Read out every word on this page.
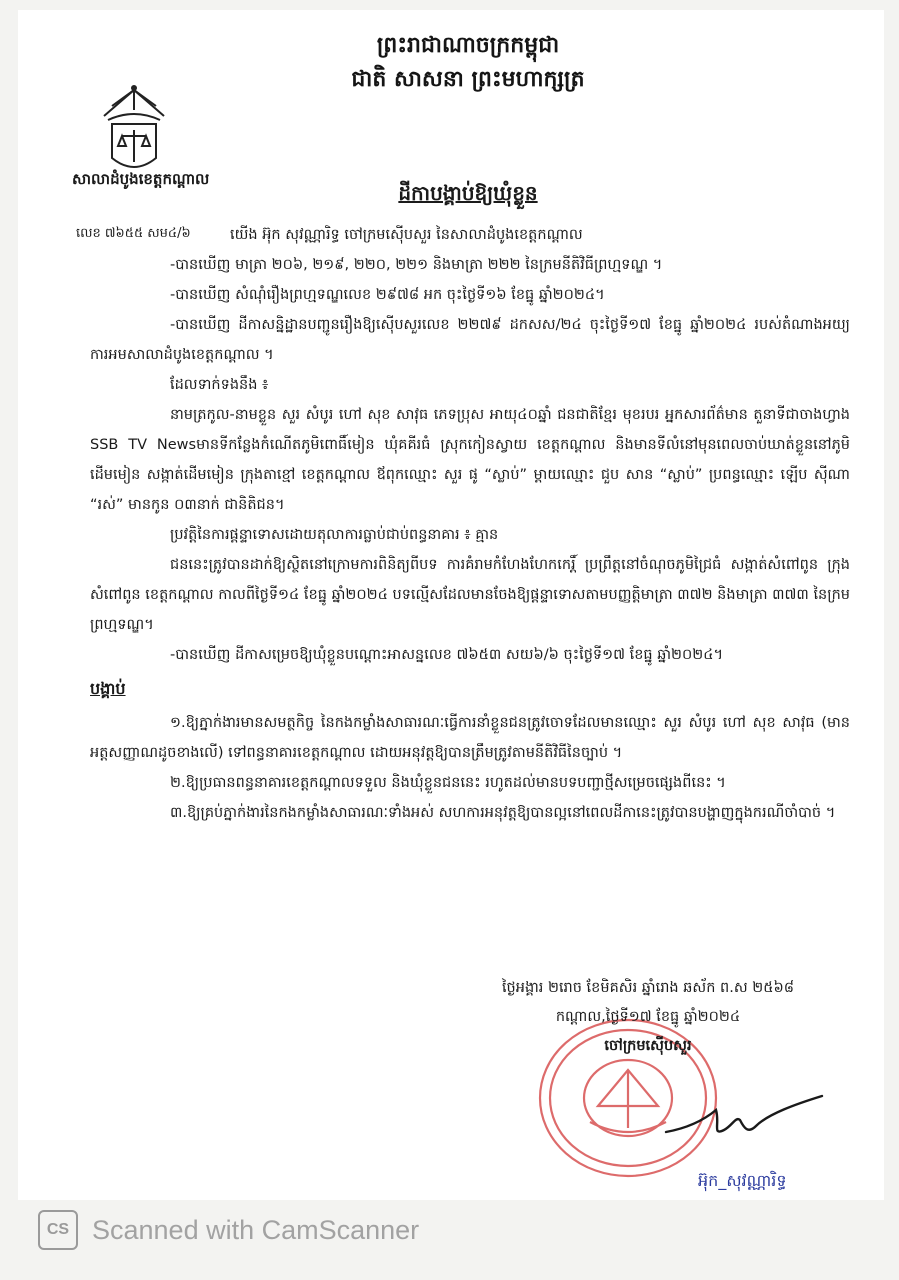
ព្រះរាជាណាចក្រកម្ពុជា
ជាតិ សាសនា ព្រះមហាក្សត្រ
សាលាដំបូងខេត្តកណ្ដាល
ដីកាបង្គាប់ឱ្យឃុំខ្លួន
លេខ ៧៦៥៥ សម៤/៦	យើង អ៊ុក សុវណ្ណារិទ្ធ ចៅក្រមស៊ើបសួរ នៃសាលាដំបូងខេត្តកណ្ដាល

-បានឃើញ មាត្រា ២០៦, ២១៩, ២២០, ២២១ និងមាត្រា ២២២ នៃក្រមនីតិវិធីព្រហ្មទណ្ឌ ។

-បានឃើញ សំណុំរឿងព្រហ្មទណ្ឌលេខ ២៩៧៨ អក ចុះថ្ងៃទី១៦ ខែធ្នូ ឆ្នាំ២០២៤។

-បានឃើញ ដីកាសន្និដ្ឋានបញ្ជូនរឿងឱ្យស៊ើបសួរលេខ ២២៧៩ ដកសស/២៤ ចុះថ្ងៃទី១៧ ខែធ្នូ ឆ្នាំ២០២៤ របស់តំណាងអយ្យការអមសាលាដំបូងខេត្តកណ្ដាល ។

ដែលទាក់ទងនឹង ៖

នាមត្រកូល-នាមខ្លួន សួរ សំបូរ ហៅ សុខ សាវុធ ភេទប្រុស អាយុ៤០ឆ្នាំ ជនជាតិខ្មែរ មុខរបរ អ្នកសារព័ត៌មាន តួនាទីជាចាងហ្វាង SSB TV Newsមានទីកន្លែងកំណើតភូមិពោធិ៍មៀន ឃុំគគីរធំ ស្រុកកៀនស្វាយ ខេត្តកណ្ដាល និងមានទីលំនៅមុនពេលចាប់ឃាត់ខ្លួននៅភូមិដើមមៀន សង្កាត់ដើមមៀន ក្រុងតាខ្មៅ ខេត្តកណ្ដាល ឪពុកឈ្មោះ សួរ ផូ “ស្លាប់” ម្ដាយឈ្មោះ ជួប សាន “ស្លាប់” ប្រពន្ធឈ្មោះ ឡើប ស៊ីណា “រស់” មានកូន ០៣នាក់ ជានិតិជន។

ប្រវត្តិនៃការផ្តន្ទាទោសដោយតុលាការធ្លាប់ជាប់ពន្ធនាគារ ៖ គ្មាន

ជននេះត្រូវបានដាក់ឱ្យស្ថិតនៅក្រោមការពិនិត្យពីបទ ការគំរាមកំហែងហែកកេរ្តិ៍ ប្រព្រឹត្តនៅចំណុចភូមិជ្រៃធំ សង្កាត់សំពៅពូន ក្រុងសំពៅពូន ខេត្តកណ្ដាល កាលពីថ្ងៃទី១៤ ខែធ្នូ ឆ្នាំ២០២៤ បទល្មើសដែលមានចែងឱ្យផ្តន្ទាទោសតាមបញ្ញត្តិមាត្រា ៣៧២ និងមាត្រា ៣៧៣ នៃក្រមព្រហ្មទណ្ឌ។

-បានឃើញ ដីកាសម្រេចឱ្យឃុំខ្លួនបណ្ដោះអាសន្នលេខ ៧៦៥៣ សយ៦/៦ ចុះថ្ងៃទី១៧ ខែធ្នូ ឆ្នាំ២០២៤។

បង្គាប់

១.ឱ្យភ្នាក់ងារមានសមត្ថកិច្ច នៃកងកម្លាំងសាធារណៈធ្វើការនាំខ្លួនជនត្រូវចោទដែលមានឈ្មោះ សួរ សំបូរ ហៅ សុខ សាវុធ (មានអត្តសញ្ញាណដូចខាងលើ) ទៅពន្ធនាគារខេត្តកណ្ដាល ដោយអនុវត្តឱ្យបានត្រឹមត្រូវតាមនីតិវិធីនៃច្បាប់ ។

២.ឱ្យប្រធានពន្ធនាគារខេត្តកណ្ដាលទទួល និងឃុំខ្លួនជននេះ រហូតដល់មានបទបញ្ជាថ្មីសម្រេចផ្សេងពីនេះ ។

៣.ឱ្យគ្រប់ភ្នាក់ងារនៃកងកម្លាំងសាធារណៈទាំងអស់ សហការអនុវត្តឱ្យបានល្អនៅពេលដីកានេះត្រូវបានបង្ហាញក្នុងករណីចាំបាច់ ។

ថ្ងៃអង្គារ ២រោច ខែមិគសិរ ឆ្នាំរោង ឆស័ក ព.ស ២៥៦៨
កណ្ដាល,ថ្ងៃទី១៧ ខែធ្នូ ឆ្នាំ២០២៤
ចៅក្រមស៊ើបសួរ
អ៊ុក_សុវណ្ណារិទ្ធ
CS Scanned with CamScanner
